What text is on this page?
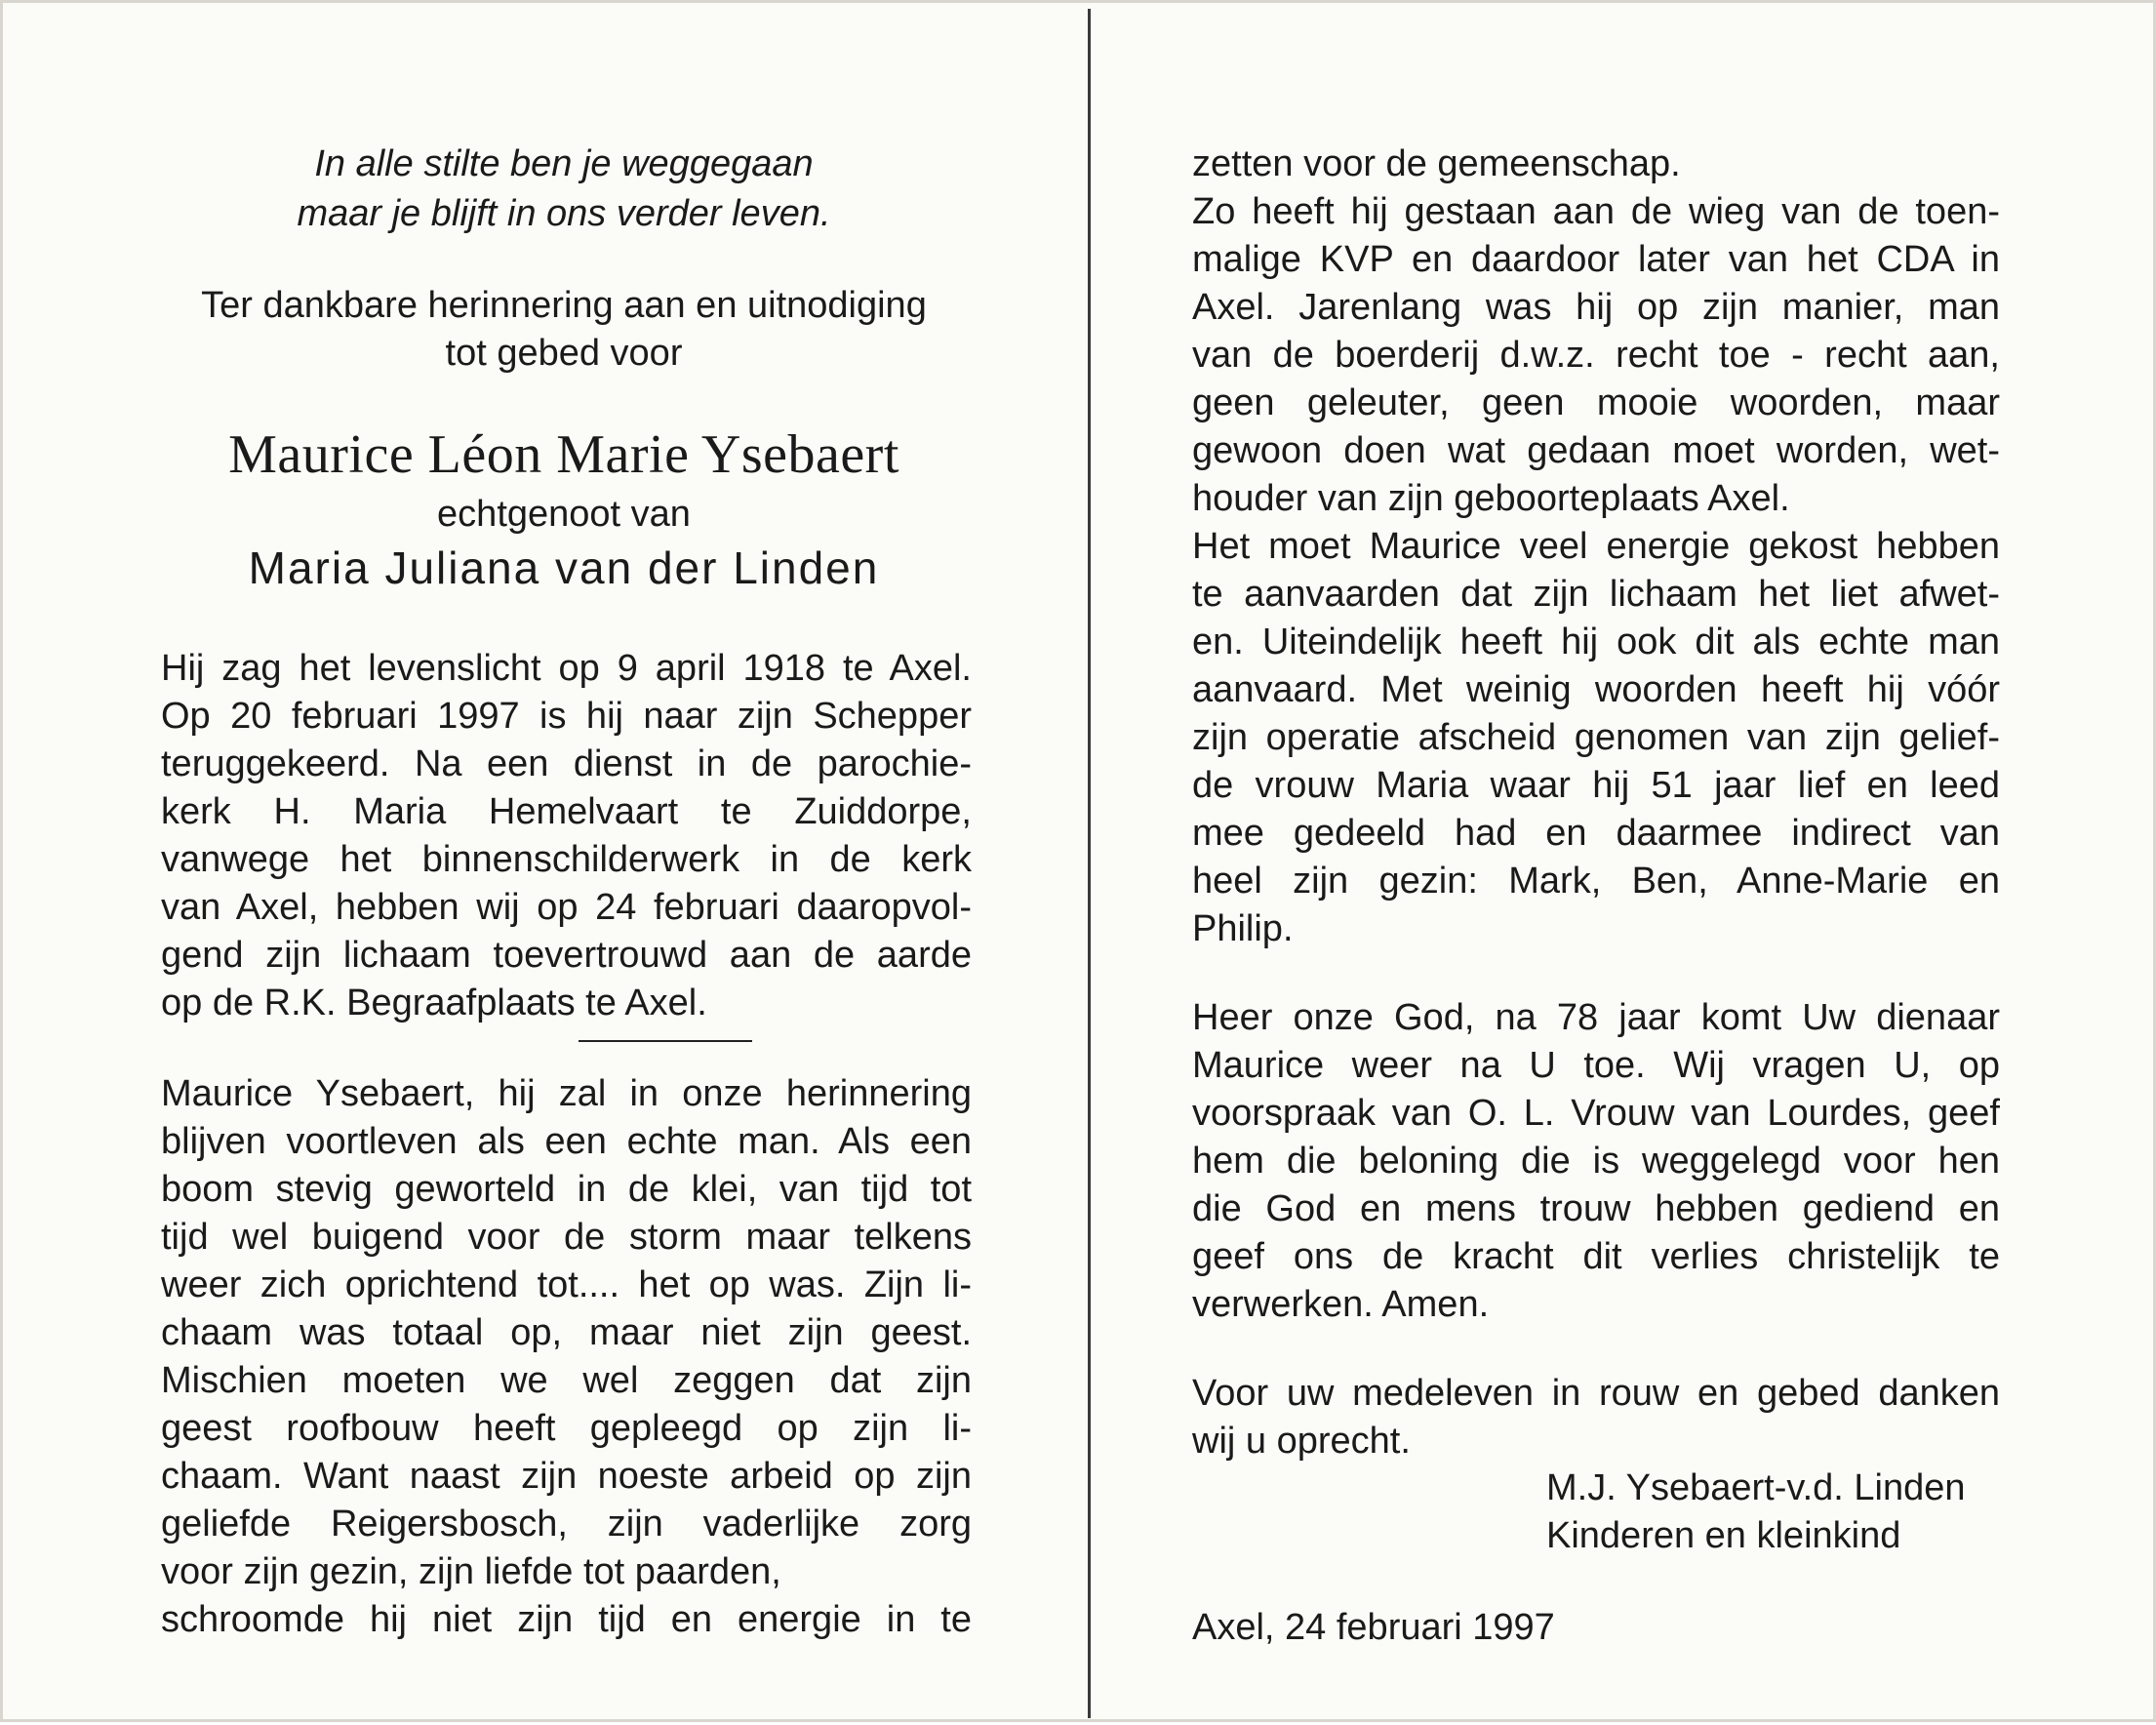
In alle stilte ben je weggegaan
maar je blijft in ons verder leven.
Ter dankbare herinnering aan en uitnodiging
tot gebed voor
Maurice Léon Marie Ysebaert
echtgenoot van
Maria Juliana van der Linden
Hij zag het levenslicht op 9 april 1918 te Axel.
Op 20 februari 1997 is hij naar zijn Schepper
teruggekeerd. Na een dienst in de parochie-
kerk H. Maria Hemelvaart te Zuiddorpe,
vanwege het binnenschilderwerk in de kerk
van Axel, hebben wij op 24 februari daaropvol-
gend zijn lichaam toevertrouwd aan de aarde
op de R.K. Begraafplaats te Axel.
Maurice Ysebaert, hij zal in onze herinnering
blijven voortleven als een echte man. Als een
boom stevig geworteld in de klei, van tijd tot
tijd wel buigend voor de storm maar telkens
weer zich oprichtend tot.... het op was. Zijn li-
chaam was totaal op, maar niet zijn geest.
Mischien moeten we wel zeggen dat zijn
geest roofbouw heeft gepleegd op zijn li-
chaam. Want naast zijn noeste arbeid op zijn
geliefde Reigersbosch, zijn vaderlijke zorg
voor zijn gezin, zijn liefde tot paarden,
schroomde hij niet zijn tijd en energie in te
zetten voor de gemeenschap.
Zo heeft hij gestaan aan de wieg van de toen-
malige KVP en daardoor later van het CDA in
Axel. Jarenlang was hij op zijn manier, man
van de boerderij d.w.z. recht toe - recht aan,
geen geleuter, geen mooie woorden, maar
gewoon doen wat gedaan moet worden, wet-
houder van zijn geboorteplaats Axel.
Het moet Maurice veel energie gekost hebben
te aanvaarden dat zijn lichaam het liet afwet-
en. Uiteindelijk heeft hij ook dit als echte man
aanvaard. Met weinig woorden heeft hij vóór
zijn operatie afscheid genomen van zijn gelief-
de vrouw Maria waar hij 51 jaar lief en leed
mee gedeeld had en daarmee indirect van
heel zijn gezin: Mark, Ben, Anne-Marie en
Philip.
Heer onze God, na 78 jaar komt Uw dienaar
Maurice weer na U toe. Wij vragen U, op
voorspraak van O. L. Vrouw van Lourdes, geef
hem die beloning die is weggelegd voor hen
die God en mens trouw hebben gediend en
geef ons de kracht dit verlies christelijk te
verwerken. Amen.
Voor uw medeleven in rouw en gebed danken
wij u oprecht.
M.J. Ysebaert-v.d. Linden
Kinderen en kleinkind
Axel, 24 februari 1997
